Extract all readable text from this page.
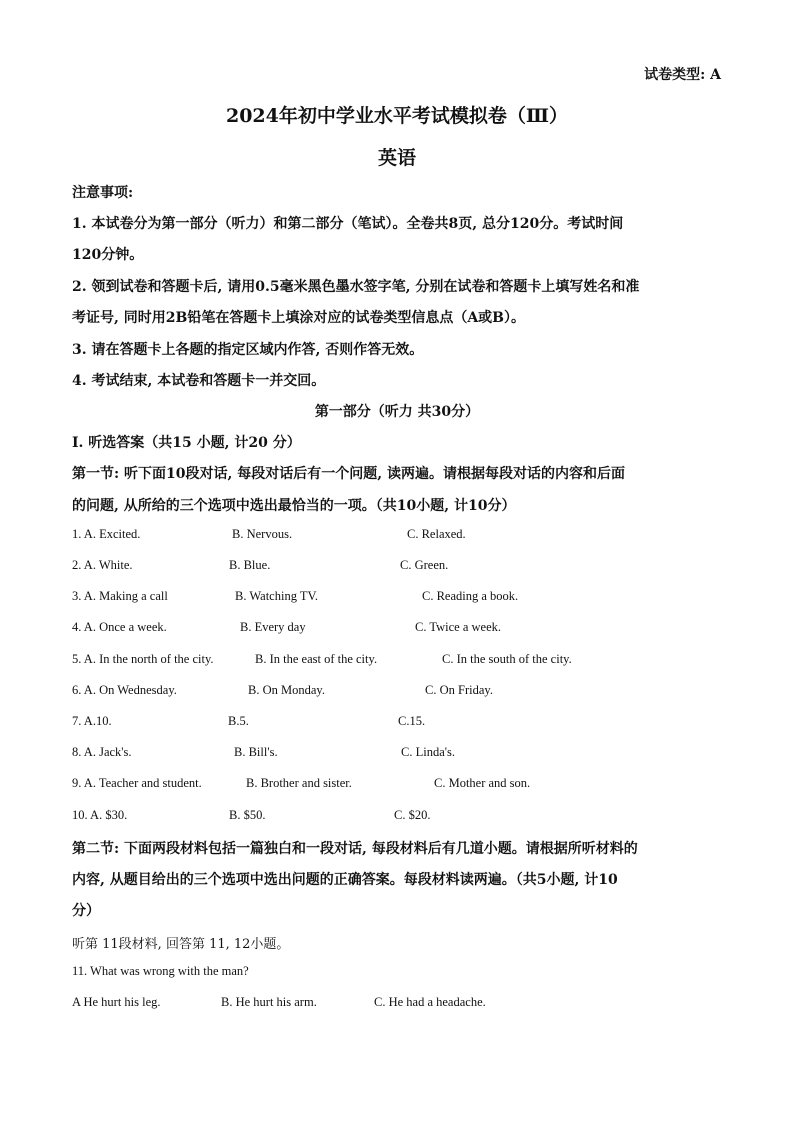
试卷类型: A
2024年初中学业水平考试模拟卷（Ⅲ）
英语
注意事项:
1. 本试卷分为第一部分（听力）和第二部分（笔试）。全卷共8页, 总分120分。考试时间
120分钟。
2. 领到试卷和答题卡后, 请用0.5毫米黑色墨水签字笔, 分别在试卷和答题卡上填写姓名和准
考证号, 同时用2B铅笔在答题卡上填涂对应的试卷类型信息点（A或B）。
3. 请在答题卡上各题的指定区域内作答, 否则作答无效。
4. 考试结束, 本试卷和答题卡一并交回。
第一部分（听力 共30分）
I. 听选答案（共15 小题, 计20 分）
第一节: 听下面10段对话, 每段对话后有一个问题, 读两遍。请根据每段对话的内容和后面
的问题, 从所给的三个选项中选出最恰当的一项。（共10小题, 计10分）
1. A. Excited.	B. Nervous.	C. Relaxed.
2. A. White.	B. Blue.	C. Green.
3. A. Making a call	B. Watching TV.	C. Reading a book.
4. A. Once a week.	B. Every day	C. Twice a week.
5. A. In the north of the city.	B. In the east of the city.	C. In the south of the city.
6. A. On Wednesday.	B. On Monday.	C. On Friday.
7. A.10.	B.5.	C.15.
8. A. Jack's.	B. Bill's.	C. Linda's.
9. A. Teacher and student.	B. Brother and sister.	C. Mother and son.
10. A. $30.	B. $50.	C. $20.
第二节: 下面两段材料包括一篇独白和一段对话, 每段材料后有几道小题。请根据所听材料的
内容, 从题目给出的三个选项中选出问题的正确答案。每段材料读两遍。（共5小题, 计10
分）
听第 11段材料, 回答第 11, 12小题。
11. What was wrong with the man?
A He hurt his leg.	B. He hurt his arm.	C. He had a headache.
